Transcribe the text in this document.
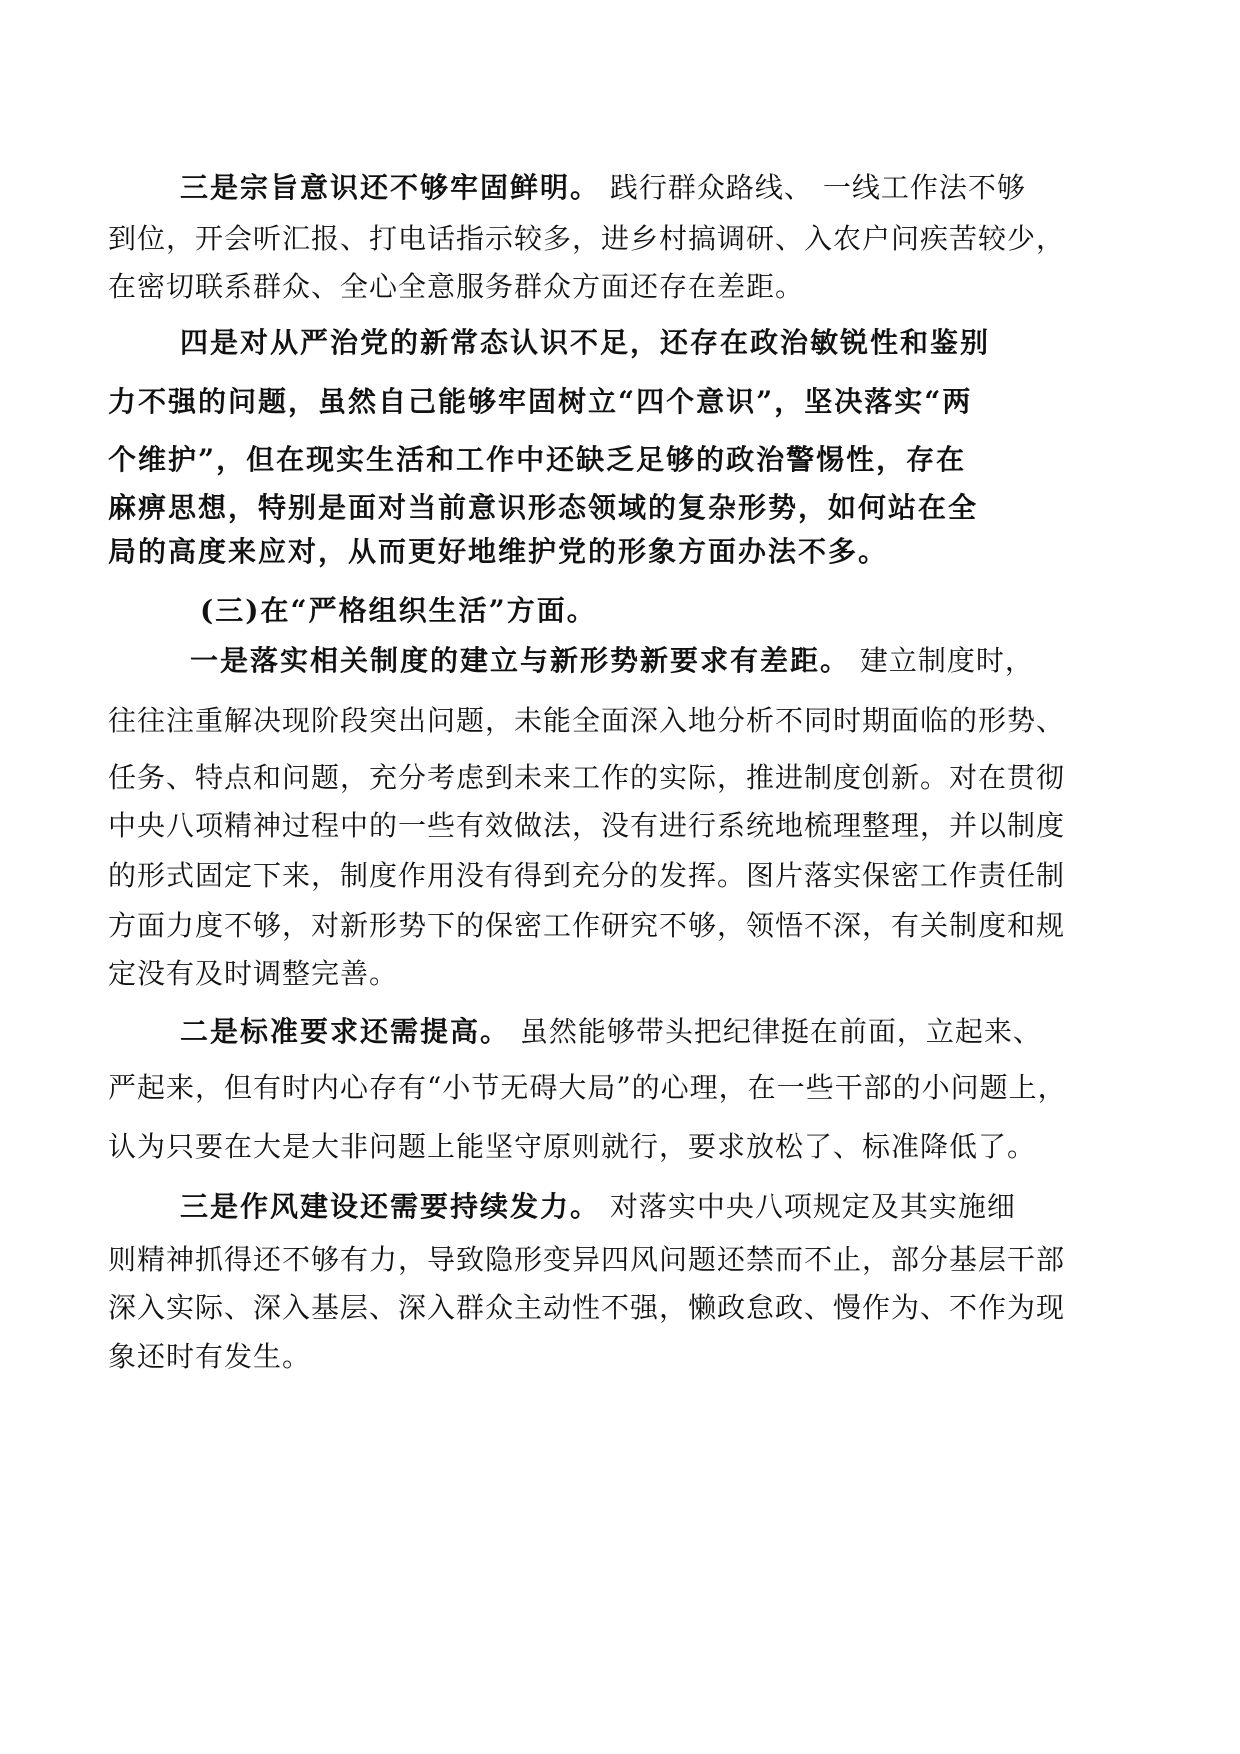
三是宗旨意识还不够牢固鲜明。 践行群众路线、 一线工作法不够
到位，开会听汇报、打电话指示较多，进乡村搞调研、入农户问疾苦较少，
在密切联系群众、全心全意服务群众方面还存在差距。
四是对从严治党的新常态认识不足，还存在政治敏锐性和鉴别
力不强的问题，虽然自己能够牢固树立“四个意识”，坚决落实“两
个维护”，但在现实生活和工作中还缺乏足够的政治警惕性，存在
麻痹思想，特别是面对当前意识形态领域的复杂形势，如何站在全
局的高度来应对，从而更好地维护党的形象方面办法不多。
(三)在“严格组织生活”方面。
一是落实相关制度的建立与新形势新要求有差距。 建立制度时，
往往注重解决现阶段突出问题，未能全面深入地分析不同时期面临的形势、
任务、特点和问题，充分考虑到未来工作的实际，推进制度创新。对在贯彻
中央八项精神过程中的一些有效做法，没有进行系统地梳理整理，并以制度
的形式固定下来，制度作用没有得到充分的发挥。图片落实保密工作责任制
方面力度不够，对新形势下的保密工作研究不够，领悟不深，有关制度和规
定没有及时调整完善。
二是标准要求还需提高。 虽然能够带头把纪律挺在前面，立起来、
严起来，但有时内心存有“小节无碍大局”的心理，在一些干部的小问题上，
认为只要在大是大非问题上能坚守原则就行，要求放松了、标准降低了。
三是作风建设还需要持续发力。 对落实中央八项规定及其实施细
则精神抓得还不够有力，导致隐形变异四风问题还禁而不止，部分基层干部
深入实际、深入基层、深入群众主动性不强，懒政怠政、慢作为、不作为现
象还时有发生。
